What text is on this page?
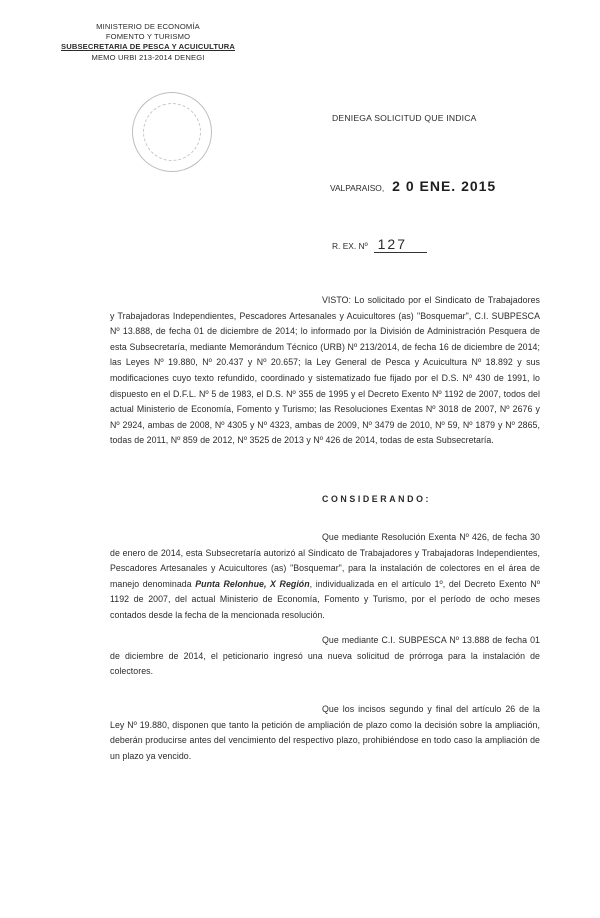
MINISTERIO DE ECONOMÍA
FOMENTO Y TURISMO
SUBSECRETARIA DE PESCA Y ACUICULTURA
MEMO URBI 213-2014 DENEGI
DENIEGA SOLICITUD QUE INDICA
VALPARAISO, 2 0 ENE. 2015
R. EX. Nº 127
VISTO: Lo solicitado por el Sindicato de Trabajadores y Trabajadoras Independientes, Pescadores Artesanales y Acuicultores (as) "Bosquemar", C.I. SUBPESCA Nº 13.888, de fecha 01 de diciembre de 2014; lo informado por la División de Administración Pesquera de esta Subsecretaría, mediante Memorándum Técnico (URB) Nº 213/2014, de fecha 16 de diciembre de 2014; las Leyes Nº 19.880, Nº 20.437 y Nº 20.657; la Ley General de Pesca y Acuicultura Nº 18.892 y sus modificaciones cuyo texto refundido, coordinado y sistematizado fue fijado por el D.S. Nº 430 de 1991, lo dispuesto en el D.F.L. Nº 5 de 1983, el D.S. Nº 355 de 1995 y el Decreto Exento Nº 1192 de 2007, todos del actual Ministerio de Economía, Fomento y Turismo; las Resoluciones Exentas Nº 3018 de 2007, Nº 2676 y Nº 2924, ambas de 2008, Nº 4305 y Nº 4323, ambas de 2009, Nº 3479 de 2010, Nº 59, Nº 1879 y Nº 2865, todas de 2011, Nº 859 de 2012, Nº 3525 de 2013 y Nº 426 de 2014, todas de esta Subsecretaría.
CONSIDERANDO:
Que mediante Resolución Exenta Nº 426, de fecha 30 de enero de 2014, esta Subsecretaría autorizó al Sindicato de Trabajadores y Trabajadoras Independientes, Pescadores Artesanales y Acuicultores (as) "Bosquemar", para la instalación de colectores en el área de manejo denominada Punta Relonhue, X Región, individualizada en el artículo 1º, del Decreto Exento Nº 1192 de 2007, del actual Ministerio de Economía, Fomento y Turismo, por el período de ocho meses contados desde la fecha de la mencionada resolución.
Que mediante C.I. SUBPESCA Nº 13.888 de fecha 01 de diciembre de 2014, el peticionario ingresó una nueva solicitud de prórroga para la instalación de colectores.
Que los incisos segundo y final del artículo 26 de la Ley Nº 19.880, disponen que tanto la petición de ampliación de plazo como la decisión sobre la ampliación, deberán producirse antes del vencimiento del respectivo plazo, prohibiéndose en todo caso la ampliación de un plazo ya vencido.
